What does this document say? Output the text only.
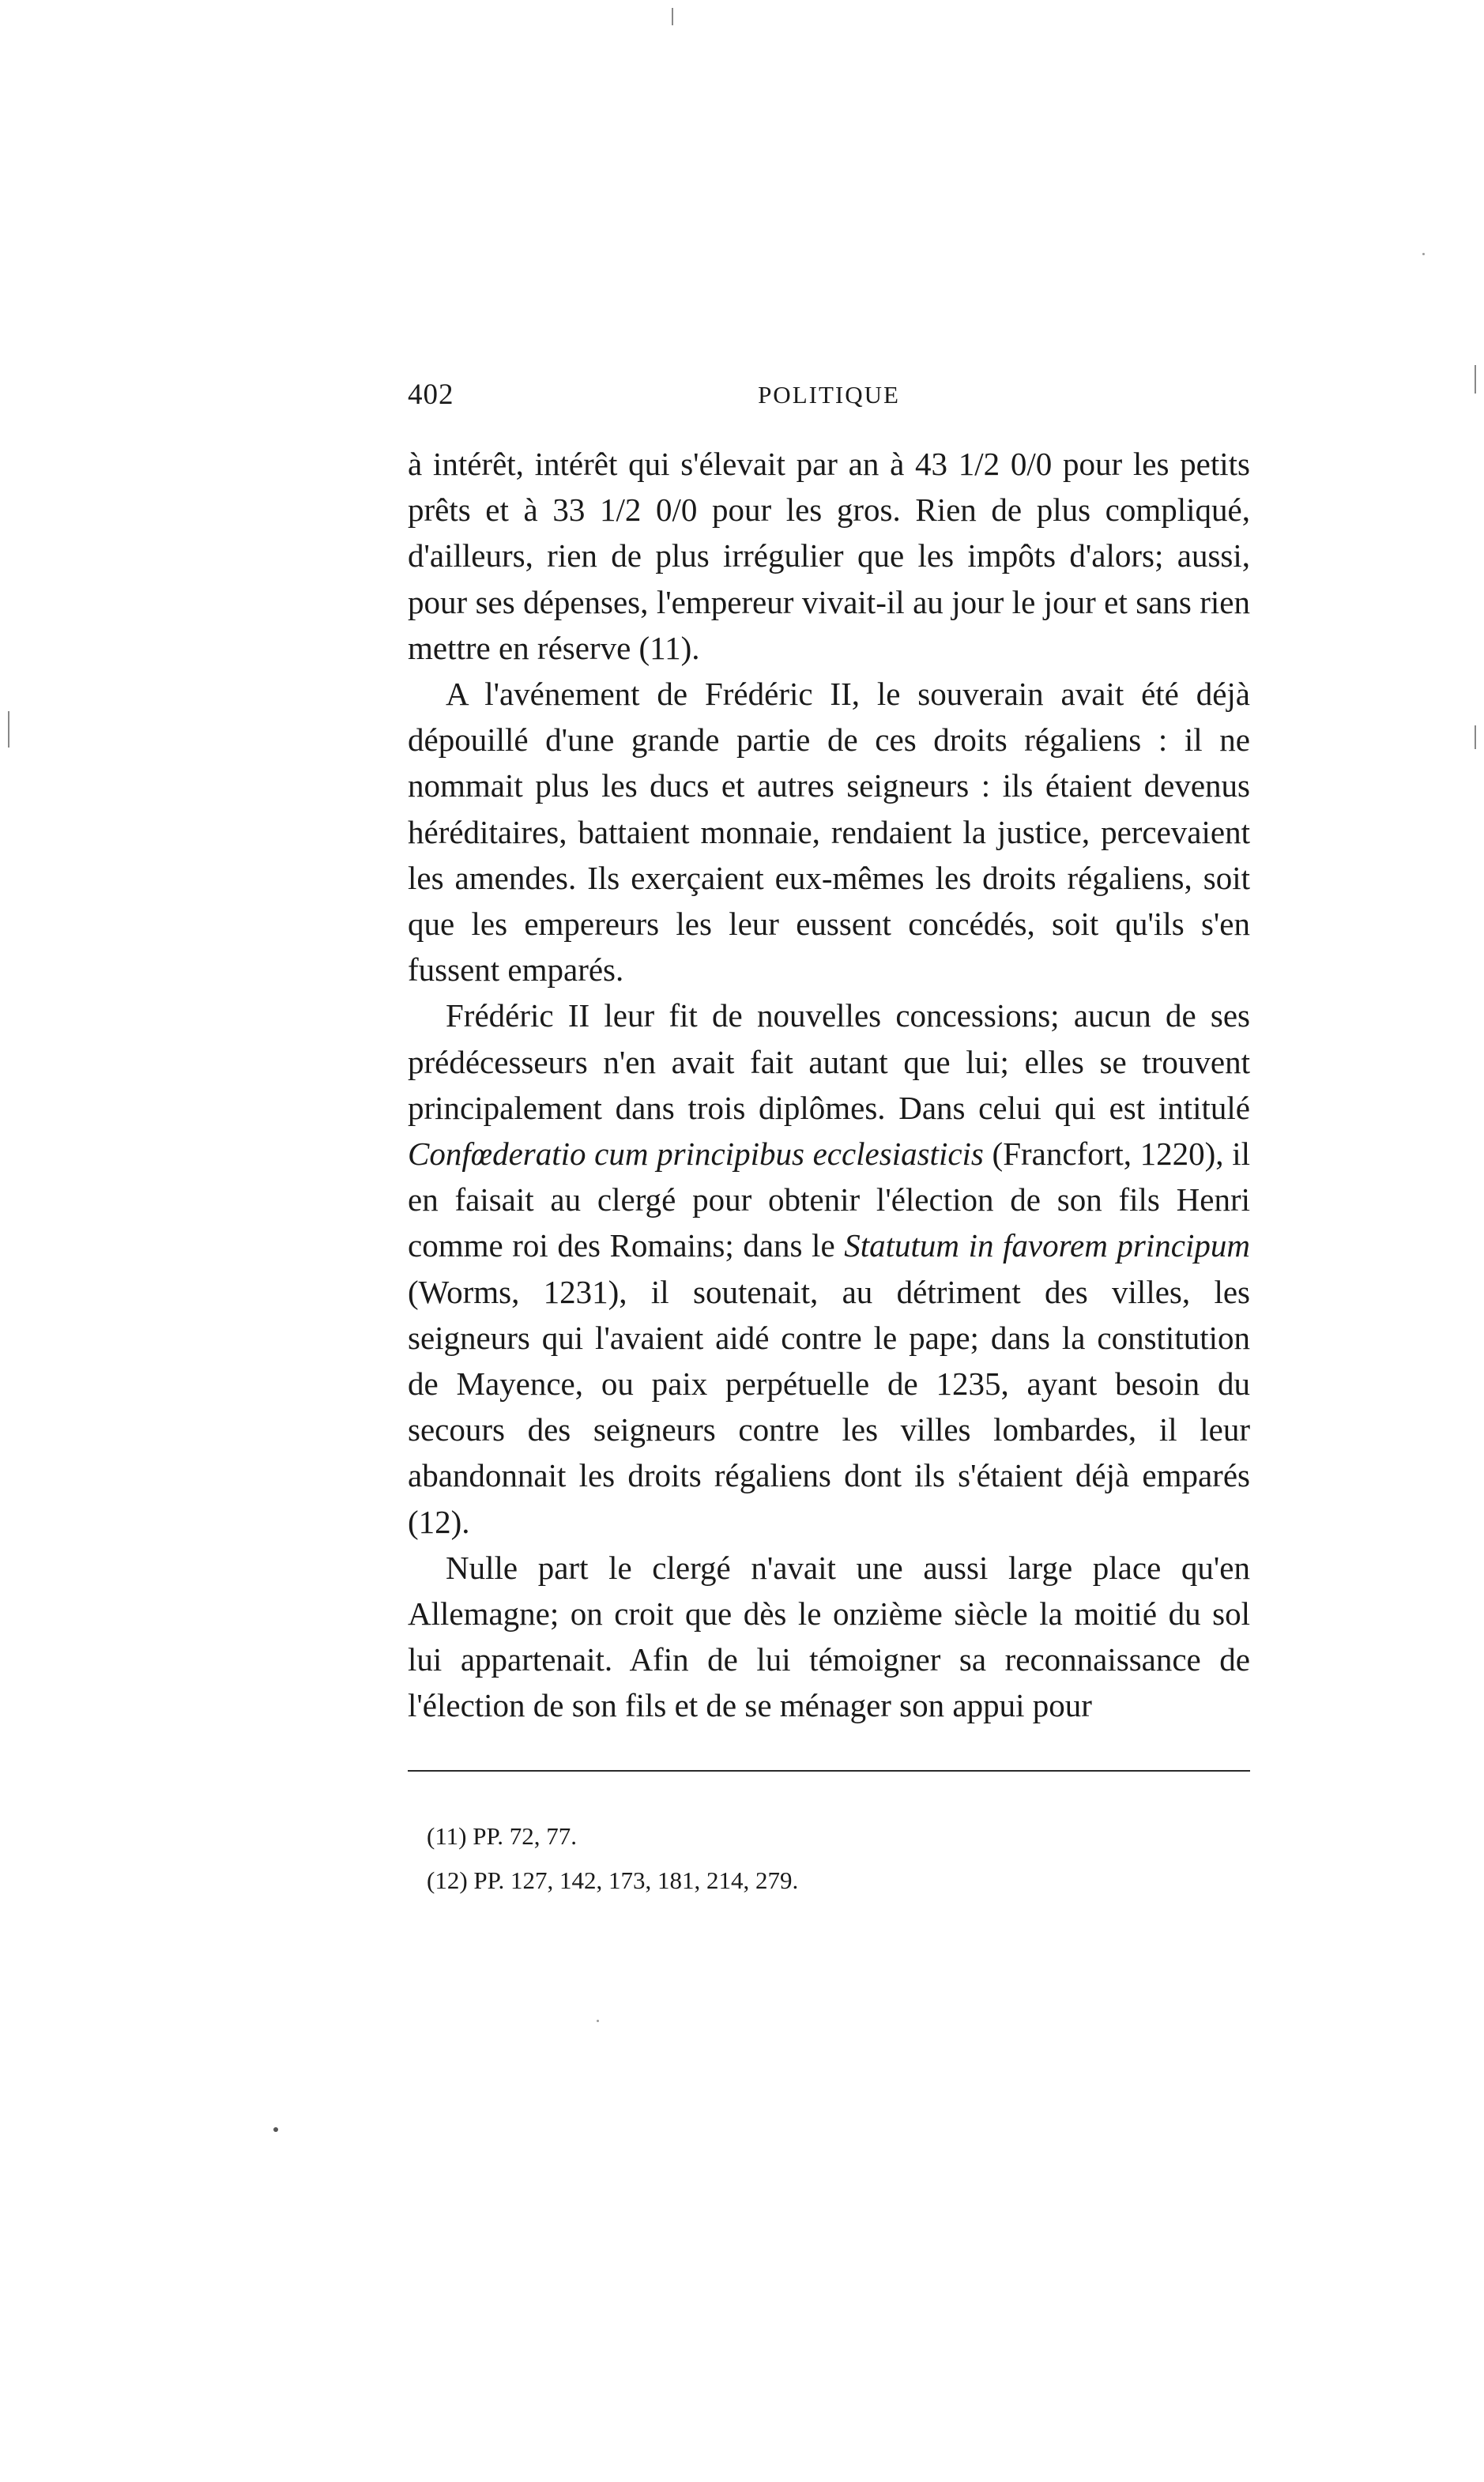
402	POLITIQUE

à intérêt, intérêt qui s'élevait par an à 43 1/2 0/0 pour les petits prêts et à 33 1/2 0/0 pour les gros. Rien de plus compliqué, d'ailleurs, rien de plus irrégulier que les impôts d'alors; aussi, pour ses dépenses, l'empereur vivait-il au jour le jour et sans rien mettre en réserve (11).

A l'avénement de Frédéric II, le souverain avait été déjà dépouillé d'une grande partie de ces droits régaliens : il ne nommait plus les ducs et autres seigneurs : ils étaient devenus héréditaires, battaient monnaie, rendaient la justice, percevaient les amendes. Ils exerçaient eux-mêmes les droits régaliens, soit que les empereurs les leur eussent concédés, soit qu'ils s'en fussent emparés.

Frédéric II leur fit de nouvelles concessions; aucun de ses prédécesseurs n'en avait fait autant que lui; elles se trouvent principalement dans trois diplômes. Dans celui qui est intitulé Confœderatio cum principibus ecclesiasticis (Francfort, 1220), il en faisait au clergé pour obtenir l'élection de son fils Henri comme roi des Romains; dans le Statutum in favorem principum (Worms, 1231), il soutenait, au détriment des villes, les seigneurs qui l'avaient aidé contre le pape; dans la constitution de Mayence, ou paix perpétuelle de 1235, ayant besoin du secours des seigneurs contre les villes lombardes, il leur abandonnait les droits régaliens dont ils s'étaient déjà emparés (12).

Nulle part le clergé n'avait une aussi large place qu'en Allemagne; on croit que dès le onzième siècle la moitié du sol lui appartenait. Afin de lui témoigner sa reconnaissance de l'élection de son fils et de se ménager son appui pour

(11) PP. 72, 77.

(12) PP. 127, 142, 173, 181, 214, 279.
